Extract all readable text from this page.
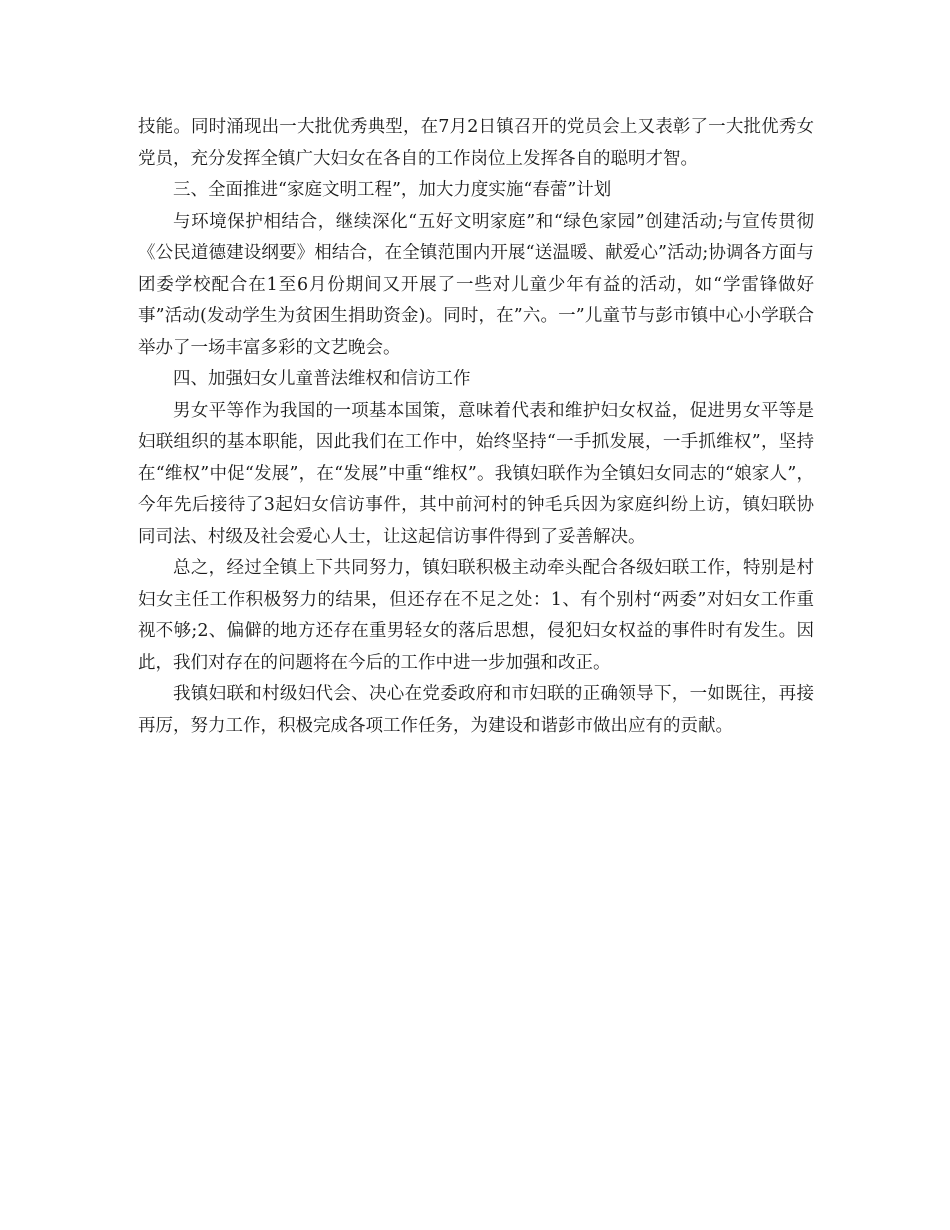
技能。同时涌现出一大批优秀典型，在7月2日镇召开的党员会上又表彰了一大批优秀女党员，充分发挥全镇广大妇女在各自的工作岗位上发挥各自的聪明才智。

三、全面推进“家庭文明工程”，加大力度实施“春蕾”计划

与环境保护相结合，继续深化“五好文明家庭”和“绿色家园”创建活动;与宣传贯彻《公民道德建设纲要》相结合，在全镇范围内开展“送温暖、献爱心”活动;协调各方面与团委学校配合在1至6月份期间又开展了一些对儿童少年有益的活动，如“学雷锋做好事”活动(发动学生为贫困生捐助资金)。同时，在”六。一”儿童节与彭市镇中心小学联合举办了一场丰富多彩的文艺晚会。

四、加强妇女儿童普法维权和信访工作

男女平等作为我国的一项基本国策，意味着代表和维护妇女权益，促进男女平等是妇联组织的基本职能，因此我们在工作中，始终坚持“一手抓发展，一手抓维权”，坚持在“维权”中促“发展”，在“发展”中重“维权”。我镇妇联作为全镇妇女同志的“娘家人”，今年先后接待了3起妇女信访事件，其中前河村的钟毛兵因为家庭纠纷上访，镇妇联协同司法、村级及社会爱心人士，让这起信访事件得到了妥善解决。

总之，经过全镇上下共同努力，镇妇联积极主动牵头配合各级妇联工作，特别是村妇女主任工作积极努力的结果，但还存在不足之处：1、有个别村“两委”对妇女工作重视不够;2、偏僻的地方还存在重男轻女的落后思想，侵犯妇女权益的事件时有发生。因此，我们对存在的问题将在今后的工作中进一步加强和改正。

我镇妇联和村级妇代会、决心在党委政府和市妇联的正确领导下，一如既往，再接再厉，努力工作，积极完成各项工作任务，为建设和谐彭市做出应有的贡献。
